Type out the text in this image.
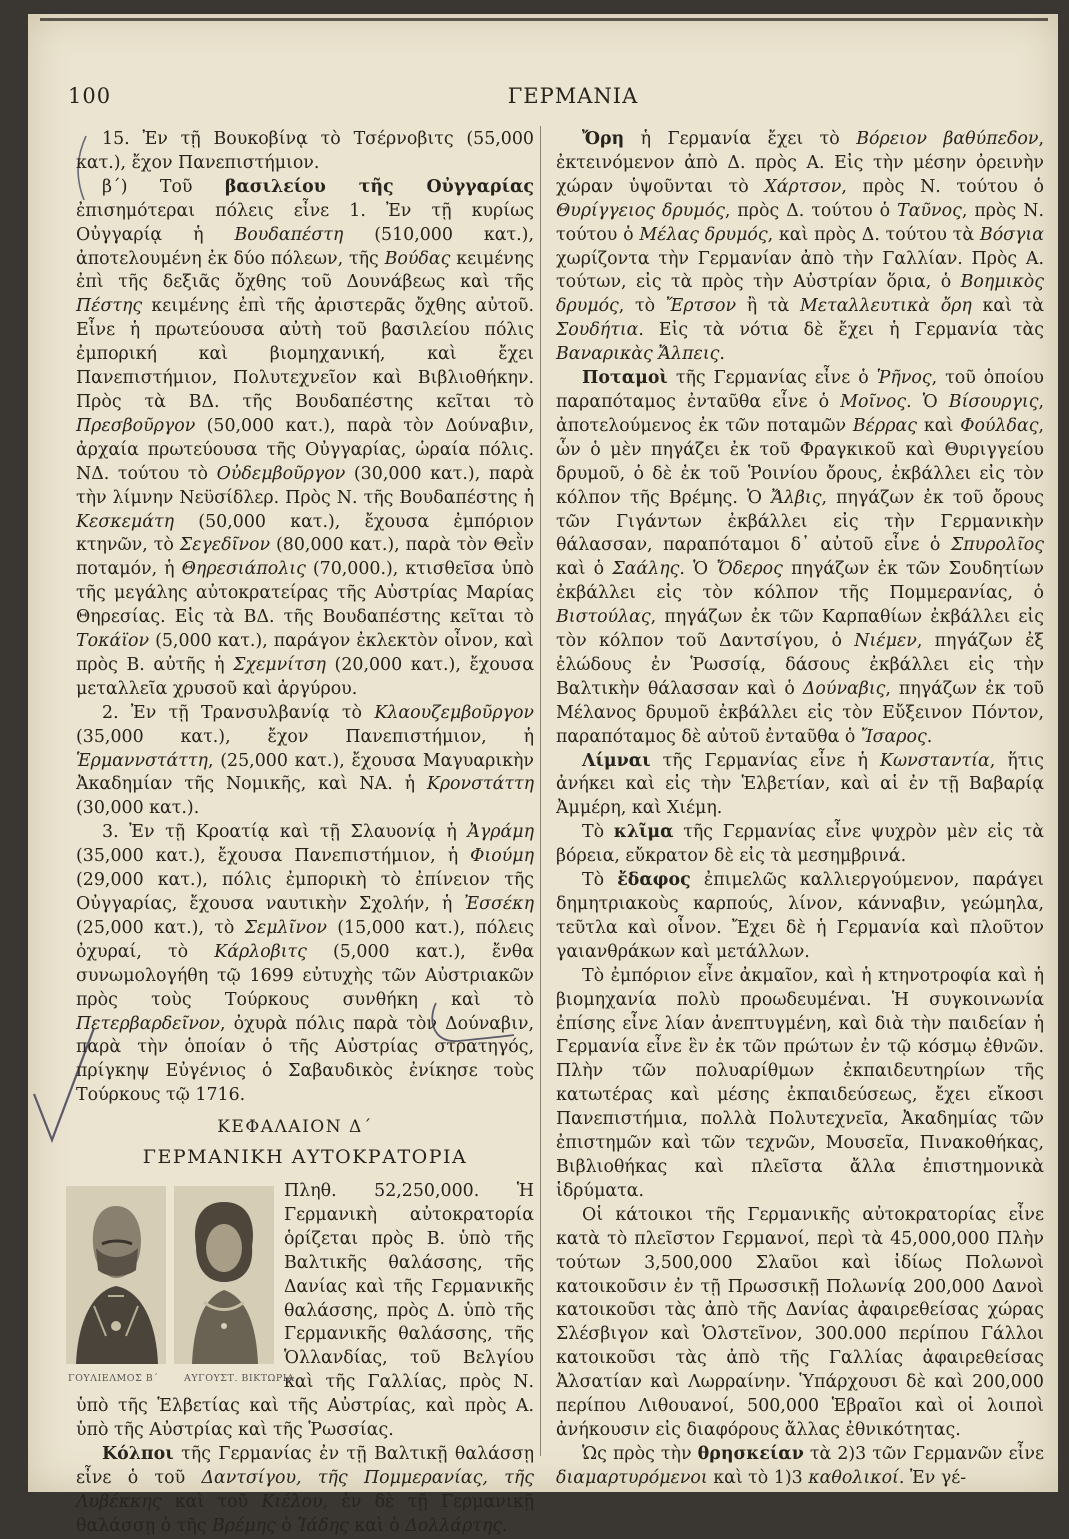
100	ΓΕΡΜΑΝΙΑ

15. Ἐν τῇ Βουκοβίνᾳ τὸ Τσέρνοβιτς (55,000 κατ.), ἔχον Πανεπιστήμιον.

β´) Τοῦ βασιλείου τῆς Οὐγγαρίας ἐπισημότεραι πόλεις εἶνε 1. Ἐν τῇ κυρίως Οὐγγαρίᾳ ἡ Βουδαπέστη (510,000 κατ.), ἀποτελουμένη ἐκ δύο πόλεων, τῆς Βούδας κειμένης ἐπὶ τῆς δεξιᾶς ὄχθης τοῦ Δουνάβεως καὶ τῆς Πέστης κειμένης ἐπὶ τῆς ἀριστερᾶς ὄχθης αὐτοῦ. Εἶνε ἡ πρωτεύουσα αὐτὴ τοῦ βασιλείου πόλις ἐμπορική καὶ βιομηχανική, καὶ ἔχει Πανεπιστήμιον, Πολυτεχνεῖον καὶ Βιβλιοθήκην. Πρὸς τὰ ΒΔ. τῆς Βουδαπέστης κεῖται τὸ Πρεσβοῦργον (50,000 κατ.), παρὰ τὸν Δούναβιν, ἀρχαία πρωτεύουσα τῆς Οὐγγαρίας, ὡραία πόλις. ΝΔ. τούτου τὸ Οὐδεμβοῦργον (30,000 κατ.), παρὰ τὴν λίμνην Νεϋσίδλερ. Πρὸς Ν. τῆς Βουδαπέστης ἡ Κεσκεμάτη (50,000 κατ.), ἔχουσα ἐμπόριον κτηνῶν, τὸ Σεγεδῖνον (80,000 κατ.), παρὰ τὸν Θεῒν ποταμόν, ἡ Θηρεσιάπολις (70,000.), κτισθεῖσα ὑπὸ τῆς μεγάλης αὐτοκρατείρας τῆς Αὐστρίας Μαρίας Θηρεσίας. Εἰς τὰ ΒΔ. τῆς Βουδαπέστης κεῖται τὸ Τοκάϊον (5,000 κατ.), παράγον ἐκλεκτὸν οἶνον, καὶ πρὸς Β. αὐτῆς ἡ Σχεμνίτση (20,000 κατ.), ἔχουσα μεταλλεῖα χρυσοῦ καὶ ἀργύρου.

2. Ἐν τῇ Τρανσυλβανίᾳ τὸ Κλαουζεμβοῦργον (35,000 κατ.), ἔχον Πανεπιστήμιον, ἡ Ἑρμαννστάττη, (25,000 κατ.), ἔχουσα Μαγυαρικὴν Ἀκαδημίαν τῆς Νομικῆς, καὶ ΝΑ. ἡ Κρονστάττη (30,000 κατ.).

3. Ἐν τῇ Κροατίᾳ καὶ τῇ Σλαυονίᾳ ἡ Ἀγράμη (35,000 κατ.), ἔχουσα Πανεπιστήμιον, ἡ Φιούμη (29,000 κατ.), πόλις ἐμπορικὴ τὸ ἐπίνειον τῆς Οὐγγαρίας, ἔχουσα ναυτικὴν Σχολήν, ἡ Ἐσσέκη (25,000 κατ.), τὸ Σεμλῖνον (15,000 κατ.), πόλεις ὀχυραί, τὸ Κάρλοβιτς (5,000 κατ.), ἔνθα συνωμολογήθη τῷ 1699 εὐτυχὴς τῶν Αὐστριακῶν πρὸς τοὺς Τούρκους συνθήκη καὶ τὸ Πετερβαρδεῖνον, ὀχυρὰ πόλις παρὰ τὸν Δούναβιν, παρὰ τὴν ὁποίαν ὁ τῆς Αὐστρίας στρατηγός, πρίγκηψ Εὐγένιος ὁ Σαβαυδικὸς ἐνίκησε τοὺς Τούρκους τῷ 1716.

ΚΕΦΑΛΑΙΟΝ Δ´
ΓΕΡΜΑΝΙΚΗ ΑΥΤΟΚΡΑΤΟΡΙΑ
ΓΟΥΛΙΕΛΜΟΣ Β´	ΑΥΓΟΥΣΤ. ΒΙΚΤΩΡΙΑ

Πληθ. 52,250,000. Ἡ Γερμανικὴ αὐτοκρατορία ὁρίζεται πρὸς Β. ὑπὸ τῆς Βαλτικῆς θαλάσσης, τῆς Δανίας καὶ τῆς Γερμανικῆς θαλάσσης, πρὸς Δ. ὑπὸ τῆς Γερμανικῆς θαλάσσης, τῆς Ὁλλανδίας, τοῦ Βελγίου καὶ τῆς Γαλλίας, πρὸς Ν. ὑπὸ τῆς Ἑλβετίας καὶ τῆς Αὐστρίας, καὶ πρὸς Α. ὑπὸ τῆς Αὐστρίας καὶ τῆς Ῥωσσίας.

Κόλποι τῆς Γερμανίας ἐν τῇ Βαλτικῇ θαλάσσῃ εἶνε ὁ τοῦ Δαντσίγου, τῆς Πομμερανίας, τῆς Λυβέκκης καὶ τοῦ Κιέλου, ἐν δὲ τῇ Γερμανικῇ θαλάσσῃ ὁ τῆς Βρέμης ὁ Ἰάδης καὶ ὁ Δολλάρτης.

Ὄρη ἡ Γερμανία ἔχει τὸ Βόρειον βαθύπεδον, ἐκτεινόμενον ἀπὸ Δ. πρὸς Α. Εἰς τὴν μέσην ὀρεινὴν χώραν ὑψοῦνται τὸ Χάρτσον, πρὸς Ν. τούτου ὁ Θυρίγγειος δρυμός, πρὸς Δ. τούτου ὁ Ταῦνος, πρὸς Ν. τούτου ὁ Μέλας δρυμός, καὶ πρὸς Δ. τούτου τὰ Βόσγια χωρίζοντα τὴν Γερμανίαν ἀπὸ τὴν Γαλλίαν. Πρὸς Α. τούτων, εἰς τὰ πρὸς τὴν Αὐστρίαν ὅρια, ὁ Βοημικὸς δρυμός, τὸ Ἔρτσον ἢ τὰ Μεταλλευτικὰ ὄρη καὶ τὰ Σουδήτια. Εἰς τὰ νότια δὲ ἔχει ἡ Γερμανία τὰς Βαναρικὰς Ἄλπεις.

Ποταμοὶ τῆς Γερμανίας εἶνε ὁ Ῥῆνος, τοῦ ὁποίου παραπόταμος ἐνταῦθα εἶνε ὁ Μοῖνος. Ὁ Βίσουργις, ἀποτελούμενος ἐκ τῶν ποταμῶν Βέρρας καὶ Φούλδας, ὧν ὁ μὲν πηγάζει ἐκ τοῦ Φραγκικοῦ καὶ Θυριγγείου δρυμοῦ, ὁ δὲ ἐκ τοῦ Ῥοινίου ὄρους, ἐκβάλλει εἰς τὸν κόλπον τῆς Βρέμης. Ὁ Ἄλβις, πηγάζων ἐκ τοῦ ὄρους τῶν Γιγάντων ἐκβάλλει εἰς τὴν Γερμανικὴν θάλασσαν, παραπόταμοι δ᾽ αὐτοῦ εἶνε ὁ Σπυρολῖος καὶ ὁ Σαάλης. Ὁ Ὄδερος πηγάζων ἐκ τῶν Σουδητίων ἐκβάλλει εἰς τὸν κόλπον τῆς Πομμερανίας, ὁ Βιστούλας, πηγάζων ἐκ τῶν Καρπαθίων ἐκβάλλει εἰς τὸν κόλπον τοῦ Δαντσίγου, ὁ Νιέμεν, πηγάζων ἐξ ἑλώδους ἐν Ῥωσσίᾳ, δάσους ἐκβάλλει εἰς τὴν Βαλτικὴν θάλασσαν καὶ ὁ Δούναβις, πηγάζων ἐκ τοῦ Μέλανος δρυμοῦ ἐκβάλλει εἰς τὸν Εὔξεινον Πόντον, παραπόταμος δὲ αὐτοῦ ἐνταῦθα ὁ Ἴσαρος.

Λίμναι τῆς Γερμανίας εἶνε ἡ Κωνσταντία, ἥτις ἀνήκει καὶ εἰς τὴν Ἑλβετίαν, καὶ αἱ ἐν τῇ Βαβαρίᾳ Ἀμμέρη, καὶ Χιέμη.

Τὸ κλῖμα τῆς Γερμανίας εἶνε ψυχρὸν μὲν εἰς τὰ βόρεια, εὔκρατον δὲ εἰς τὰ μεσημβρινά.

Τὸ ἔδαφος ἐπιμελῶς καλλιεργούμενον, παράγει δημητριακοὺς καρπούς, λίνον, κάνναβιν, γεώμηλα, τεῦτλα καὶ οἶνον. Ἔχει δὲ ἡ Γερμανία καὶ πλοῦτον γαιανθράκων καὶ μετάλλων.

Τὸ ἐμπόριον εἶνε ἀκμαῖον, καὶ ἡ κτηνοτροφία καὶ ἡ βιομηχανία πολὺ προωδευμέναι. Ἡ συγκοινωνία ἐπίσης εἶνε λίαν ἀνεπτυγμένη, καὶ διὰ τὴν παιδείαν ἡ Γερμανία εἶνε ἓν ἐκ τῶν πρώτων ἐν τῷ κόσμῳ ἐθνῶν. Πλὴν τῶν πολυαρίθμων ἐκπαιδευτηρίων τῆς κατωτέρας καὶ μέσης ἐκπαιδεύσεως, ἔχει εἴκοσι Πανεπιστήμια, πολλὰ Πολυτεχνεῖα, Ἀκαδημίας τῶν ἐπιστημῶν καὶ τῶν τεχνῶν, Μουσεῖα, Πινακοθήκας, Βιβλιοθήκας καὶ πλεῖστα ἄλλα ἐπιστημονικὰ ἱδρύματα.

Οἱ κάτοικοι τῆς Γερμανικῆς αὐτοκρατορίας εἶνε κατὰ τὸ πλεῖστον Γερμανοί, περὶ τὰ 45,000,000 Πλὴν τούτων 3,500,000 Σλαῦοι καὶ ἰδίως Πολωνοὶ κατοικοῦσιν ἐν τῇ Πρωσσικῇ Πολωνίᾳ 200,000 Δανοὶ κατοικοῦσι τὰς ἀπὸ τῆς Δανίας ἀφαιρεθείσας χώρας Σλέσβιγον καὶ Ὁλστεῖνον, 300.000 περίπου Γάλλοι κατοικοῦσι τὰς ἀπὸ τῆς Γαλλίας ἀφαιρεθείσας Ἀλσατίαν καὶ Λωρραίνην. Ὑπάρχουσι δὲ καὶ 200,000 περίπου Λιθουανοί, 500,000 Ἑβραῖοι καὶ οἱ λοιποὶ ἀνήκουσιν εἰς διαφόρους ἄλλας ἐθνικότητας.

Ὡς πρὸς τὴν θρησκείαν τὰ 2)3 τῶν Γερμανῶν εἶνε διαμαρτυρόμενοι καὶ τὸ 1)3 καθολικοί. Ἐν γέ-
